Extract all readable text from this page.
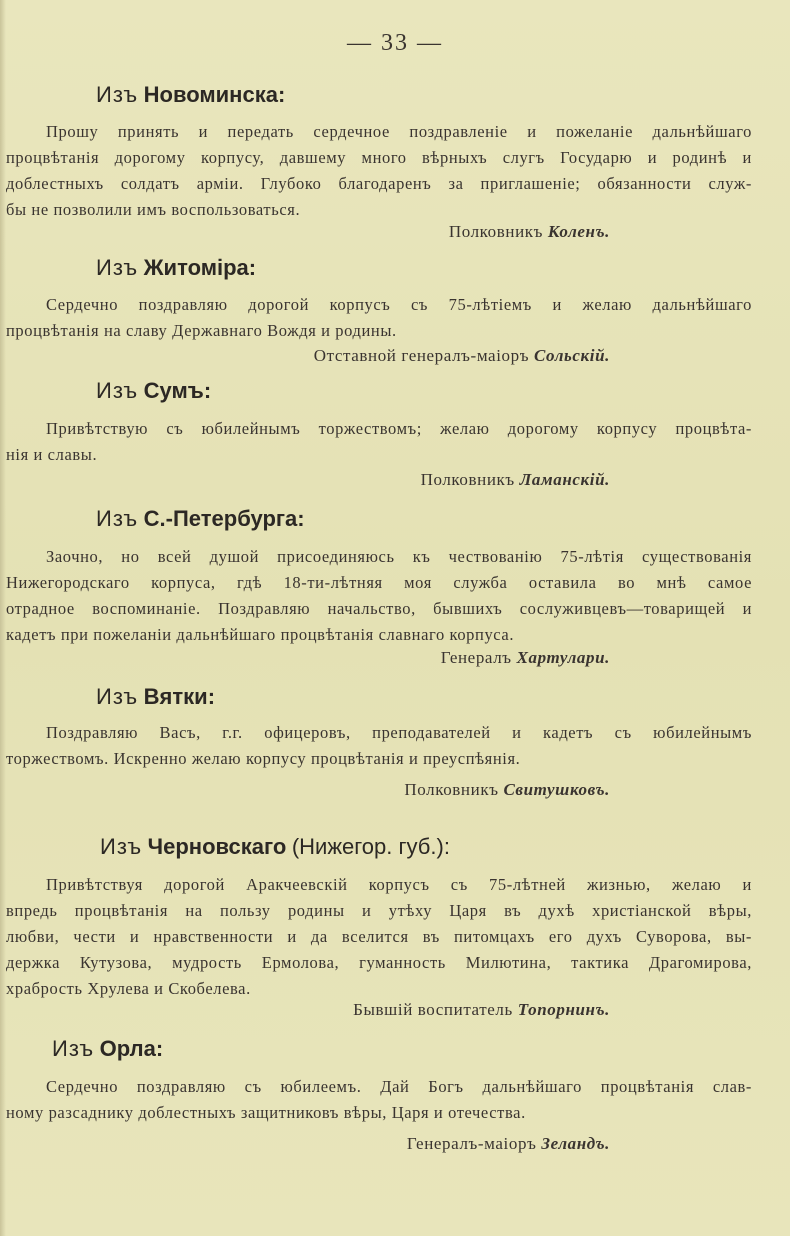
— 33 —
Изъ Новоминска:
Прошу принять и передать сердечное поздравленіе и пожеланіе дальнѣйшаго
процвѣтанія дорогому корпусу, давшему много вѣрныхъ слугъ Государю и родинѣ и
доблестныхъ солдатъ арміи. Глубоко благодаренъ за приглашеніе; обязанности служ-
бы не позволили имъ воспользоваться.
Полковникъ Коленъ.
Изъ Житоміра:
Сердечно поздравляю дорогой корпусъ съ 75-лѣтіемъ и желаю дальнѣйшаго
процвѣтанія на славу Державнаго Вождя и родины.
Отставной генералъ-маіоръ Сольскій.
Изъ Сумъ:
Привѣтствую съ юбилейнымъ торжествомъ; желаю дорогому корпусу процвѣта-
нія и славы.
Полковникъ Ламанскій.
Изъ С.-Петербурга:
Заочно, но всей душой присоединяюсь къ чествованію 75-лѣтія существованія
Нижегородскаго корпуса, гдѣ 18-ти-лѣтняя моя служба оставила во мнѣ самое
отрадное воспоминаніе. Поздравляю начальство, бывшихъ сослуживцевъ—товарищей и
кадетъ при пожеланіи дальнѣйшаго процвѣтанія славнаго корпуса.
Генералъ Хартулари.
Изъ Вятки:
Поздравляю Васъ, г.г. офицеровъ, преподавателей и кадетъ съ юбилейнымъ
торжествомъ. Искренно желаю корпусу процвѣтанія и преуспѣянія.
Полковникъ Свитушковъ.
Изъ Черновскаго (Нижегор. губ.):
Привѣтствуя дорогой Аракчеевскій корпусъ съ 75-лѣтней жизнью, желаю и
впредь процвѣтанія на пользу родины и утѣху Царя въ духѣ христіанской вѣры,
любви, чести и нравственности и да вселится въ питомцахъ его духъ Суворова, вы-
держка Кутузова, мудрость Ермолова, гуманность Милютина, тактика Драгомирова,
храбрость Хрулева и Скобелева.
Бывшій воспитатель Топорнинъ.
Изъ Орла:
Сердечно поздравляю съ юбилеемъ. Дай Богъ дальнѣйшаго процвѣтанія слав-
ному разсаднику доблестныхъ защитниковъ вѣры, Царя и отечества.
Генералъ-маіоръ Зеландъ.
